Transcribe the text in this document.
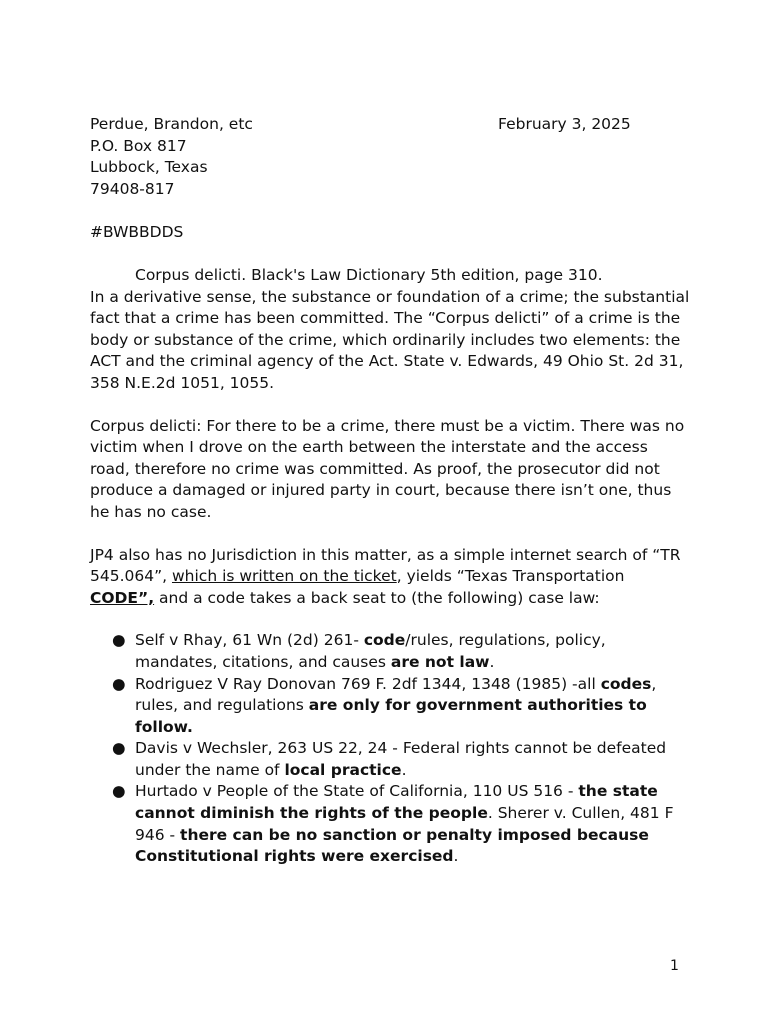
Perdue, Brandon, etc
P.O. Box 817
Lubbock, Texas
79408-817
February 3, 2025
#BWBBDDS

Corpus delicti. Black's Law Dictionary 5th edition, page 310.

In a derivative sense, the substance or foundation of a crime; the substantial fact that a crime has been committed. The “Corpus delicti” of a crime is the body or substance of the crime, which ordinarily includes two elements: the ACT and the criminal agency of the Act. State v. Edwards, 49 Ohio St. 2d 31, 358 N.E.2d 1051, 1055.

Corpus delicti: For there to be a crime, there must be a victim. There was no victim when I drove on the earth between the interstate and the access road, therefore no crime was committed. As proof, the prosecutor did not produce a damaged or injured party in court, because there isn’t one, thus he has no case.

JP4 also has no Jurisdiction in this matter, as a simple internet search of “TR 545.064”, which is written on the ticket, yields “Texas Transportation CODE”, and a code takes a back seat to (the following) case law:

● Self v Rhay, 61 Wn (2d) 261- code/rules, regulations, policy, mandates, citations, and causes are not law.
● Rodriguez V Ray Donovan 769 F. 2df 1344, 1348 (1985) -all codes, rules, and regulations are only for government authorities to follow.
● Davis v Wechsler, 263 US 22, 24 - Federal rights cannot be defeated under the name of local practice.
● Hurtado v People of the State of California, 110 US 516 - the state cannot diminish the rights of the people. Sherer v. Cullen, 481 F 946 - there can be no sanction or penalty imposed because Constitutional rights were exercised.
1
